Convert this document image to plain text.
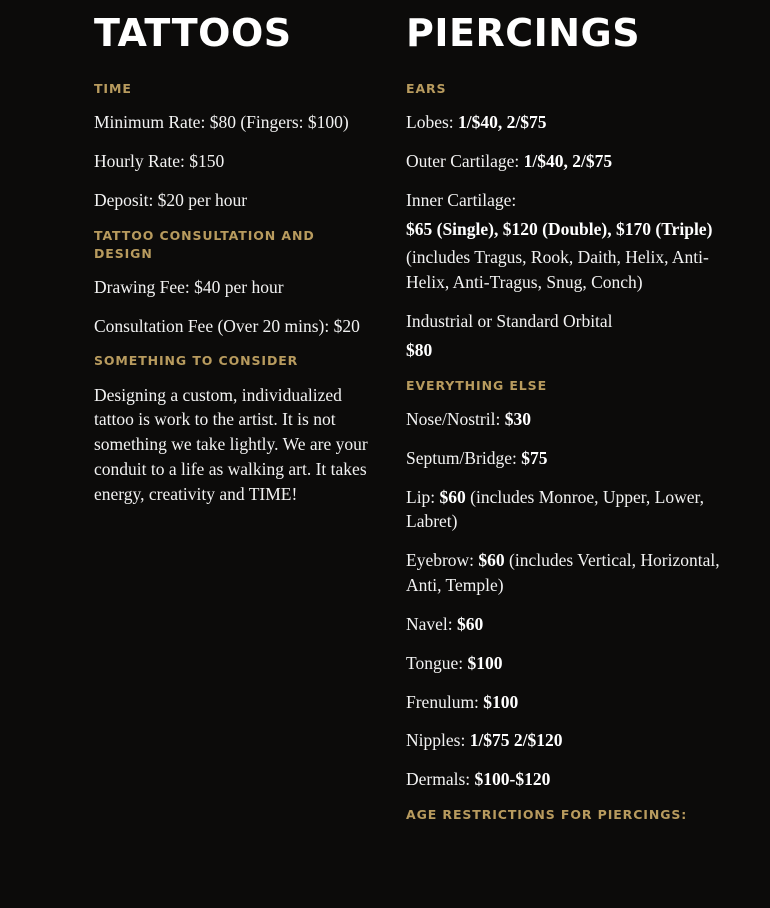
TATTOOS
TIME

Minimum Rate: $80 (Fingers: $100)

Hourly Rate: $150

Deposit: $20 per hour

TATTOO CONSULTATION AND DESIGN

Drawing Fee: $40 per hour

Consultation Fee (Over 20 mins): $20

SOMETHING TO CONSIDER

Designing a custom, individualized tattoo is work to the artist. It is not something we take lightly. We are your conduit to a life as walking art. It takes energy, creativity and TIME!

PIERCINGS
EARS

Lobes: 1/$40, 2/$75

Outer Cartilage: 1/$40, 2/$75

Inner Cartilage:

$65 (Single), $120 (Double), $170 (Triple)

(includes Tragus, Rook, Daith, Helix, Anti-Helix, Anti-Tragus, Snug, Conch)

Industrial or Standard Orbital

$80

EVERYTHING ELSE

Nose/Nostril: $30

Septum/Bridge: $75

Lip: $60 (includes Monroe, Upper, Lower, Labret)

Eyebrow: $60 (includes Vertical, Horizontal, Anti, Temple)

Navel: $60

Tongue: $100

Frenulum: $100

Nipples: 1/$75 2/$120

Dermals: $100-$120

AGE RESTRICTIONS FOR PIERCINGS:
